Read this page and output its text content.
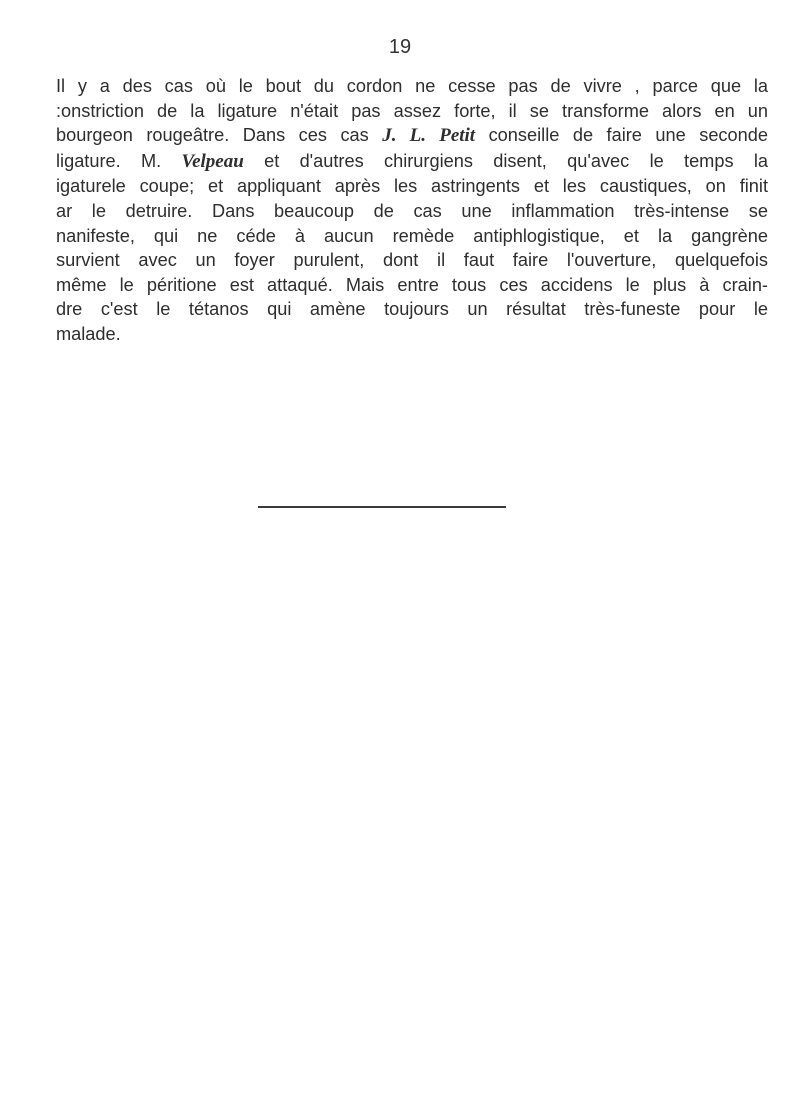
19
Il y a des cas où le bout du cordon ne cesse pas de vivre , parce que la
:onstriction de la ligature n'était pas assez forte, il se transforme alors en un
bourgeon rougeâtre. Dans ces cas J. L. Petit conseille de faire une seconde
ligature. M. Velpeau et d'autres chirurgiens disent, qu'avec le temps la
igaturele coupe; et appliquant après les astringents et les caustiques, on finit
ar le detruire. Dans beaucoup de cas une inflammation très-intense se
nanifeste, qui ne céde à aucun remède antiphlogistique, et la gangrène
survient avec un foyer purulent, dont il faut faire l'ouverture, quelquefois
même le péritione est attaqué. Mais entre tous ces accidens le plus à crain-
dre c'est le tétanos qui amène toujours un résultat très-funeste pour le
malade.
